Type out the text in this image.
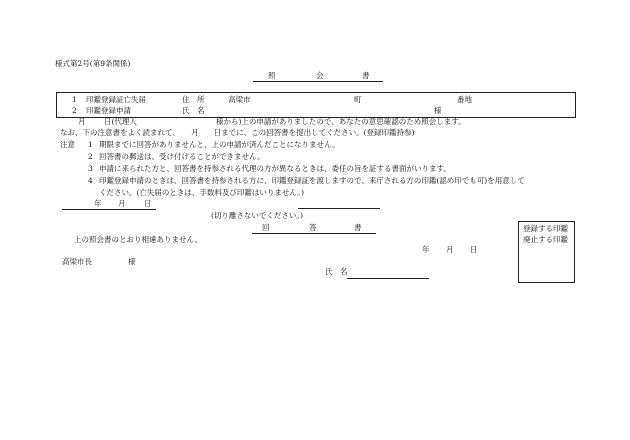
様式第2号(第9条関係)
照	会	書
1 印鑑登録証亡失届	住　所	高梁市	町	番地
2 印鑑登録申請	氏　名	様
月 日(代理人	様から)上の申請がありましたので、あなたの意思確認のため照会します。
なお、下の注意書をよく読まれて、　　月　　日までに、この回答書を提出してください。(登録印鑑持参)
注意 1 期限までに回答がありませんと、上の申請が済んだことになりません。
2 回答書の郵送は、受け付けることができません。
3 申請に来られた方と、回答書を持参される代理の方が異なるときは、委任の旨を証する書面がいります。
4 印鑑登録申請のときは、回答書を持参される方に、印鑑登録証を渡しますので、来庁される方の印鑑(認め印でも可)を用意して
ください。(亡失届のときは、手数料及び印鑑はいりません。)
年 月 日
(切り離さないでください。)
回	答	書
上の照会書のとおり相違ありません。
年 月 日
高梁市長	様
氏　名
登録する印鑑
廃止する印鑑
